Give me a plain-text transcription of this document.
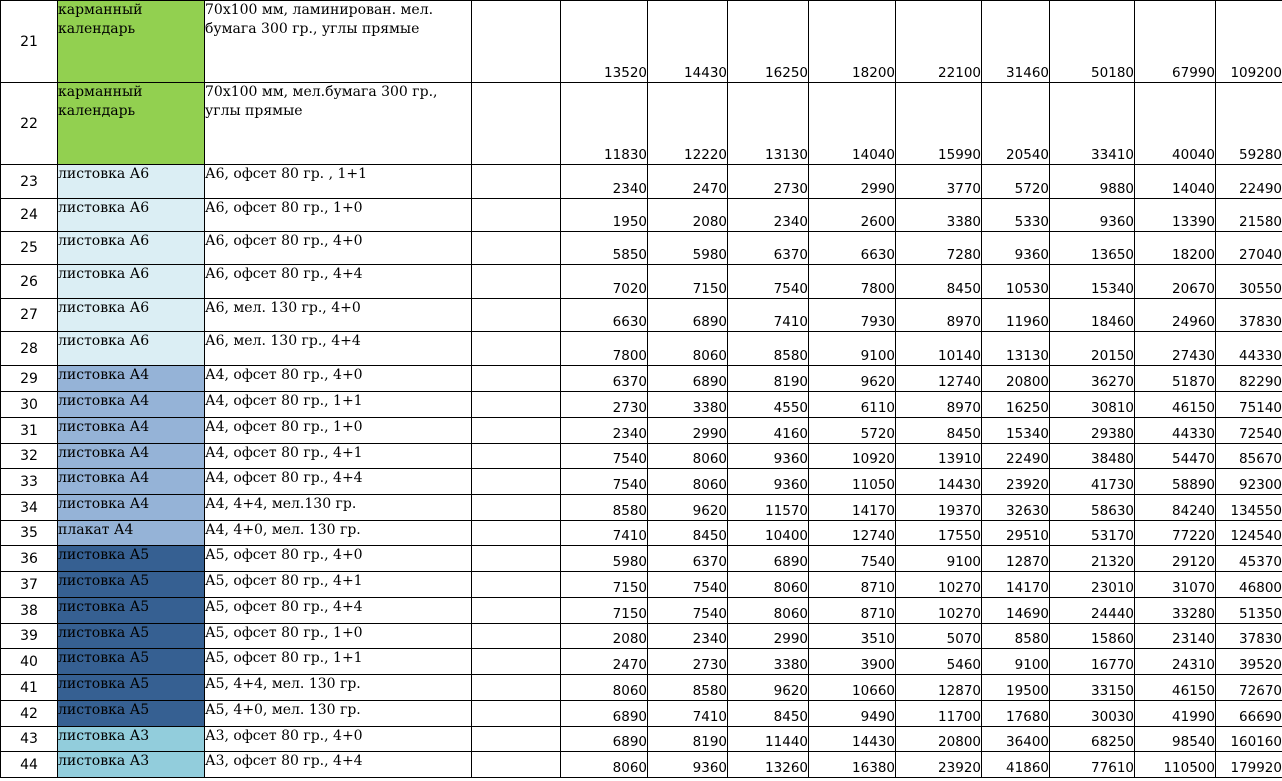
21	карманный календарь	70х100 мм, ламинирован. мел. бумага 300 гр., углы прямые		13520	14430	16250	18200	22100	31460	50180	67990	109200
22	карманный календарь	70х100 мм, мел.бумага 300 гр., углы прямые		11830	12220	13130	14040	15990	20540	33410	40040	59280
23	листовка А6	А6, офсет 80 гр. , 1+1		2340	2470	2730	2990	3770	5720	9880	14040	22490
24	листовка А6	А6, офсет 80 гр., 1+0		1950	2080	2340	2600	3380	5330	9360	13390	21580
25	листовка А6	А6, офсет 80 гр., 4+0		5850	5980	6370	6630	7280	9360	13650	18200	27040
26	листовка А6	А6, офсет 80 гр., 4+4		7020	7150	7540	7800	8450	10530	15340	20670	30550
27	листовка А6	А6, мел. 130 гр., 4+0		6630	6890	7410	7930	8970	11960	18460	24960	37830
28	листовка А6	А6, мел. 130 гр., 4+4		7800	8060	8580	9100	10140	13130	20150	27430	44330
29	листовка А4	А4, офсет 80 гр., 4+0		6370	6890	8190	9620	12740	20800	36270	51870	82290
30	листовка А4	А4, офсет 80 гр., 1+1		2730	3380	4550	6110	8970	16250	30810	46150	75140
31	листовка А4	А4, офсет 80 гр., 1+0		2340	2990	4160	5720	8450	15340	29380	44330	72540
32	листовка А4	А4, офсет 80 гр., 4+1		7540	8060	9360	10920	13910	22490	38480	54470	85670
33	листовка А4	А4, офсет 80 гр., 4+4		7540	8060	9360	11050	14430	23920	41730	58890	92300
34	листовка А4	А4, 4+4, мел.130 гр.		8580	9620	11570	14170	19370	32630	58630	84240	134550
35	плакат А4	А4, 4+0, мел. 130 гр.		7410	8450	10400	12740	17550	29510	53170	77220	124540
36	листовка А5	А5, офсет 80 гр., 4+0		5980	6370	6890	7540	9100	12870	21320	29120	45370
37	листовка А5	А5, офсет 80 гр., 4+1		7150	7540	8060	8710	10270	14170	23010	31070	46800
38	листовка А5	А5, офсет 80 гр., 4+4		7150	7540	8060	8710	10270	14690	24440	33280	51350
39	листовка А5	А5, офсет 80 гр., 1+0		2080	2340	2990	3510	5070	8580	15860	23140	37830
40	листовка А5	А5, офсет 80 гр., 1+1		2470	2730	3380	3900	5460	9100	16770	24310	39520
41	листовка А5	А5, 4+4, мел. 130 гр.		8060	8580	9620	10660	12870	19500	33150	46150	72670
42	листовка А5	А5, 4+0, мел. 130 гр.		6890	7410	8450	9490	11700	17680	30030	41990	66690
43	листовка А3	А3, офсет 80 гр., 4+0		6890	8190	11440	14430	20800	36400	68250	98540	160160
44	листовка А3	А3, офсет 80 гр., 4+4		8060	9360	13260	16380	23920	41860	77610	110500	179920
